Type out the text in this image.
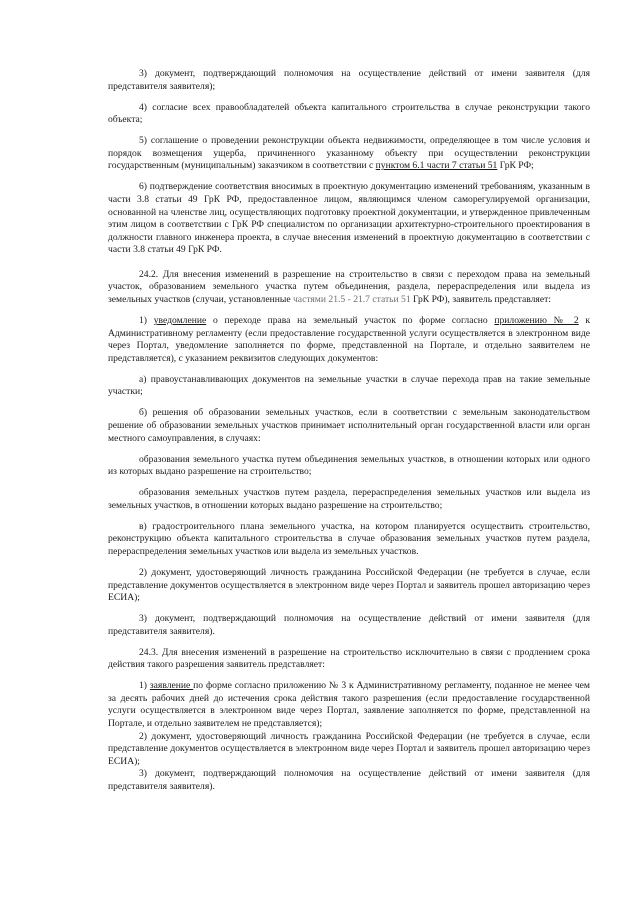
3) документ, подтверждающий полномочия на осуществление действий от имени заявителя (для представителя заявителя);

4) согласие всех правообладателей объекта капитального строительства в случае реконструкции такого объекта;

5) соглашение о проведении реконструкции объекта недвижимости, определяющее в том числе условия и порядок возмещения ущерба, причиненного указанному объекту при осуществлении реконструкции государственным (муниципальным) заказчиком в соответствии с пунктом 6.1 части 7 статьи 51 ГрК РФ;

6) подтверждение соответствия вносимых в проектную документацию изменений требованиям, указанным в части 3.8 статьи 49 ГрК РФ, предоставленное лицом, являющимся членом саморегулируемой организации, основанной на членстве лиц, осуществляющих подготовку проектной документации, и утвержденное привлеченным этим лицом в соответствии с ГрК РФ специалистом по организации архитектурно-строительного проектирования в должности главного инженера проекта, в случае внесения изменений в проектную документацию в соответствии с части 3.8 статьи 49 ГрК РФ.

24.2. Для внесения изменений в разрешение на строительство в связи с переходом права на земельный участок, образованием земельного участка путем объединения, раздела, перераспределения или выдела из земельных участков (случаи, установленные частями 21.5 - 21.7 статьи 51 ГрК РФ), заявитель представляет:

1) уведомление о переходе права на земельный участок по форме согласно приложению № 2 к Административному регламенту (если предоставление государственной услуги осуществляется в электронном виде через Портал, уведомление заполняется по форме, представленной на Портале, и отдельно заявителем не представляется), с указанием реквизитов следующих документов:

а) правоустанавливающих документов на земельные участки в случае перехода прав на такие земельные участки;

б) решения об образовании земельных участков, если в соответствии с земельным законодательством решение об образовании земельных участков принимает исполнительный орган государственной власти или орган местного самоуправления, в случаях:

образования земельного участка путем объединения земельных участков, в отношении которых или одного из которых выдано разрешение на строительство;

образования земельных участков путем раздела, перераспределения земельных участков или выдела из земельных участков, в отношении которых выдано разрешение на строительство;

в) градостроительного плана земельного участка, на котором планируется осуществить строительство, реконструкцию объекта капитального строительства в случае образования земельных участков путем раздела, перераспределения земельных участков или выдела из земельных участков.

2) документ, удостоверяющий личность гражданина Российской Федерации (не требуется в случае, если представление документов осуществляется в электронном виде через Портал и заявитель прошел авторизацию через ЕСИА);

3) документ, подтверждающий полномочия на осуществление действий от имени заявителя (для представителя заявителя).

24.3. Для внесения изменений в разрешение на строительство исключительно в связи с продлением срока действия такого разрешения заявитель представляет:

1) заявление по форме согласно приложению № 3 к Административному регламенту, поданное не менее чем за десять рабочих дней до истечения срока действия такого разрешения (если предоставление государственной услуги осуществляется в электронном виде через Портал, заявление заполняется по форме, представленной на Портале, и отдельно заявителем не представляется);

2) документ, удостоверяющий личность гражданина Российской Федерации (не требуется в случае, если представление документов осуществляется в электронном виде через Портал и заявитель прошел авторизацию через ЕСИА);

3) документ, подтверждающий полномочия на осуществление действий от имени заявителя (для представителя заявителя).
